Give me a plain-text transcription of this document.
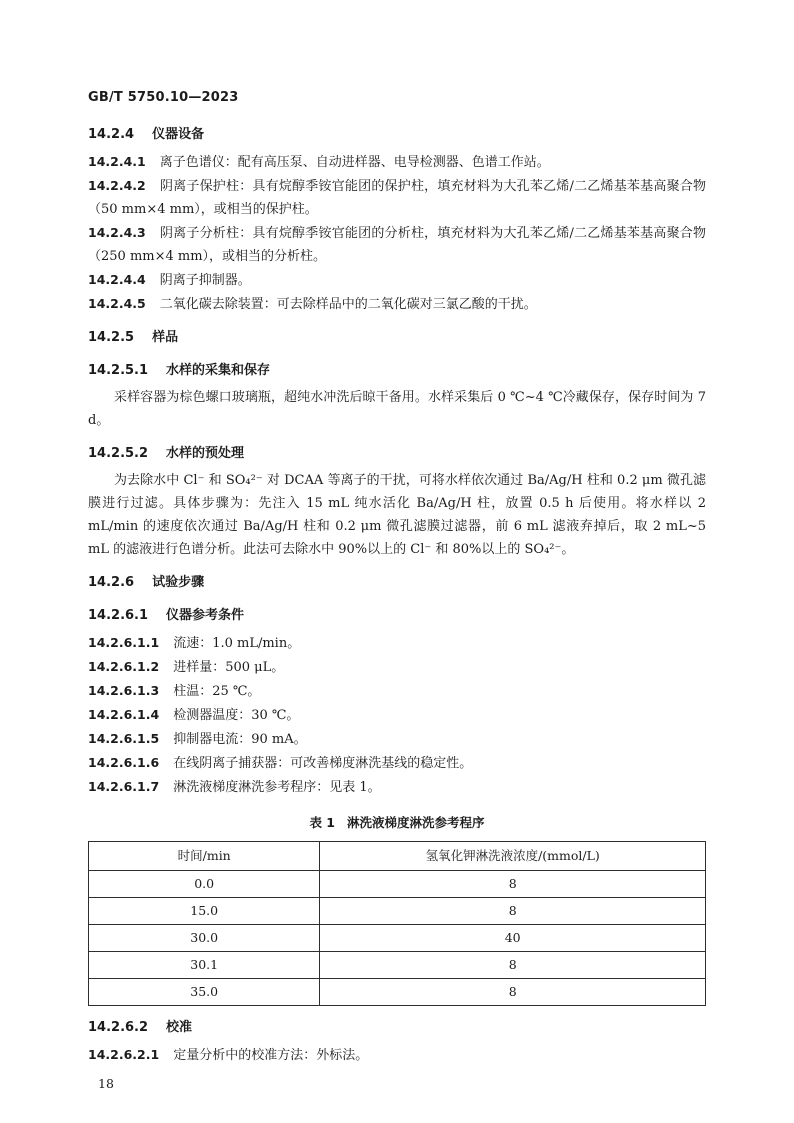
GB/T 5750.10—2023

14.2.4 仪器设备

14.2.4.1 离子色谱仪：配有高压泵、自动进样器、电导检测器、色谱工作站。

14.2.4.2 阴离子保护柱：具有烷醇季铵官能团的保护柱，填充材料为大孔苯乙烯/二乙烯基苯基高聚合物（50 mm×4 mm），或相当的保护柱。

14.2.4.3 阴离子分析柱：具有烷醇季铵官能团的分析柱，填充材料为大孔苯乙烯/二乙烯基苯基高聚合物（250 mm×4 mm），或相当的分析柱。

14.2.4.4 阴离子抑制器。

14.2.4.5 二氧化碳去除装置：可去除样品中的二氧化碳对三氯乙酸的干扰。

14.2.5 样品

14.2.5.1 水样的采集和保存

采样容器为棕色螺口玻璃瓶，超纯水冲洗后晾干备用。水样采集后 0 ℃~4 ℃冷藏保存，保存时间为 7 d。

14.2.5.2 水样的预处理

为去除水中 Cl⁻ 和 SO₄²⁻ 对 DCAA 等离子的干扰，可将水样依次通过 Ba/Ag/H 柱和 0.2 μm 微孔滤膜进行过滤。具体步骤为：先注入 15 mL 纯水活化 Ba/Ag/H 柱，放置 0.5 h 后使用。将水样以 2 mL/min 的速度依次通过 Ba/Ag/H 柱和 0.2 μm 微孔滤膜过滤器，前 6 mL 滤液弃掉后，取 2 mL~5 mL 的滤液进行色谱分析。此法可去除水中 90%以上的 Cl⁻ 和 80%以上的 SO₄²⁻。

14.2.6 试验步骤

14.2.6.1 仪器参考条件

14.2.6.1.1 流速：1.0 mL/min。

14.2.6.1.2 进样量：500 μL。

14.2.6.1.3 柱温：25 ℃。

14.2.6.1.4 检测器温度：30 ℃。

14.2.6.1.5 抑制器电流：90 mA。

14.2.6.1.6 在线阴离子捕获器：可改善梯度淋洗基线的稳定性。

14.2.6.1.7 淋洗液梯度淋洗参考程序：见表 1。

表 1 淋洗液梯度淋洗参考程序

时间/min	氢氧化钾淋洗液浓度/(mmol/L)
0.0	8
15.0	8
30.0	40
30.1	8
35.0	8

14.2.6.2 校准

14.2.6.2.1 定量分析中的校准方法：外标法。

18
